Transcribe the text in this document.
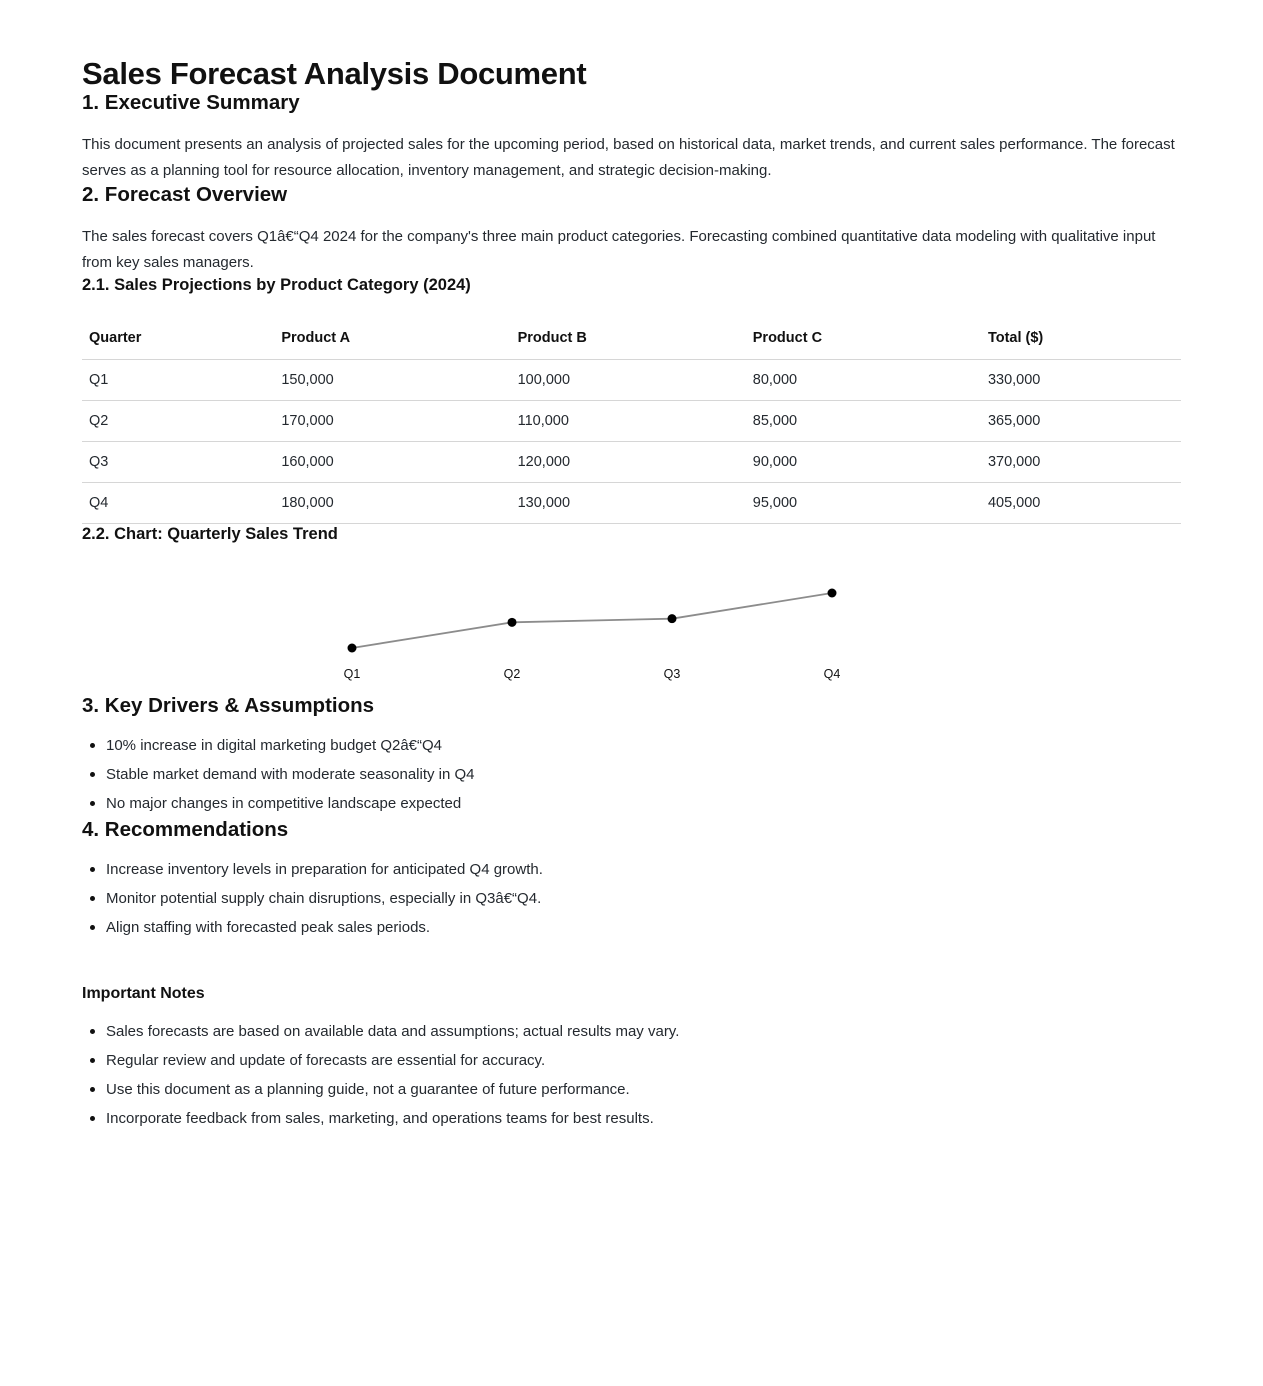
Sales Forecast Analysis Document
1. Executive Summary

This document presents an analysis of projected sales for the upcoming period, based on historical data, market trends, and current sales performance. The forecast serves as a planning tool for resource allocation, inventory management, and strategic decision-making.

2. Forecast Overview

The sales forecast covers Q1â€“Q4 2024 for the company's three main product categories. Forecasting combined quantitative data modeling with qualitative input from key sales managers.

2.1. Sales Projections by Product Category (2024)
Quarter	Product A	Product B	Product C	Total ($)
Q1	150,000	100,000	80,000	330,000
Q2	170,000	110,000	85,000	365,000
Q3	160,000	120,000	90,000	370,000
Q4	180,000	130,000	95,000	405,000
2.2. Chart: Quarterly Sales Trend
Q1	Q2	Q3	Q4
3. Key Drivers & Assumptions
10% increase in digital marketing budget Q2â€“Q4
Stable market demand with moderate seasonality in Q4
No major changes in competitive landscape expected
4. Recommendations
Increase inventory levels in preparation for anticipated Q4 growth.
Monitor potential supply chain disruptions, especially in Q3â€“Q4.
Align staffing with forecasted peak sales periods.
Important Notes
Sales forecasts are based on available data and assumptions; actual results may vary.
Regular review and update of forecasts are essential for accuracy.
Use this document as a planning guide, not a guarantee of future performance.
Incorporate feedback from sales, marketing, and operations teams for best results.
